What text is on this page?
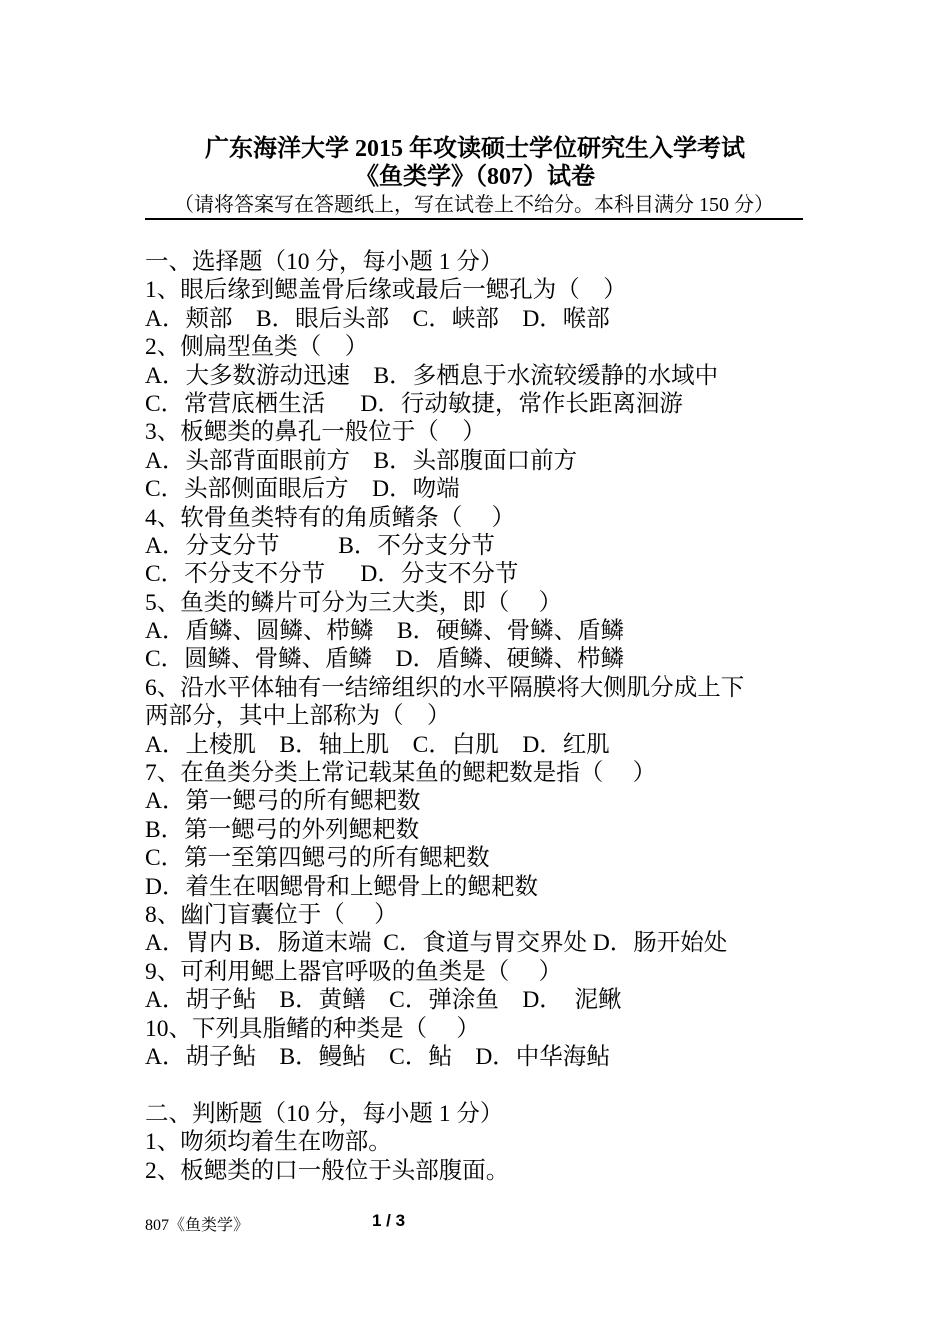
广东海洋大学 2015 年攻读硕士学位研究生入学考试
《鱼类学》（807）试卷
（请将答案写在答题纸上，写在试卷上不给分。本科目满分 150 分）
一、选择题（10 分，每小题 1 分）
1、眼后缘到鳃盖骨后缘或最后一鳃孔为（    ）
A．颊部    B．眼后头部    C．峡部    D．喉部
2、侧扁型鱼类（    ）
A．大多数游动迅速    B．多栖息于水流较缓静的水域中
C．常营底栖生活      D．行动敏捷，常作长距离洄游
3、板鳃类的鼻孔一般位于（    ）
A．头部背面眼前方    B．头部腹面口前方
C．头部侧面眼后方    D．吻端
4、软骨鱼类特有的角质鳍条（     ）
A．分支分节          B．不分支分节
C．不分支不分节      D．分支不分节
5、鱼类的鳞片可分为三大类，即（     ）
A．盾鳞、圆鳞、栉鳞    B．硬鳞、骨鳞、盾鳞
C．圆鳞、骨鳞、盾鳞    D．盾鳞、硬鳞、栉鳞
6、沿水平体轴有一结缔组织的水平隔膜将大侧肌分成上下
两部分，其中上部称为（    ）
A．上棱肌    B．轴上肌    C．白肌    D．红肌
7、在鱼类分类上常记载某鱼的鳃耙数是指（     ）
A．第一鳃弓的所有鳃耙数
B．第一鳃弓的外列鳃耙数
C．第一至第四鳃弓的所有鳃耙数
D．着生在咽鳃骨和上鳃骨上的鳃耙数
8、幽门盲囊位于（     ）
A．胃内 B．肠道末端  C．食道与胃交界处 D．肠开始处
9、可利用鳃上器官呼吸的鱼类是（     ）
A．胡子鲇    B．黄鳝    C．弹涂鱼    D．  泥鳅
10、下列具脂鳍的种类是（     ）
A．胡子鲇    B．鳗鲇    C．鲇    D．中华海鲇
二、判断题（10 分，每小题 1 分）
1、吻须均着生在吻部。
2、板鳃类的口一般位于头部腹面。
807《鱼类学》	1 / 3
